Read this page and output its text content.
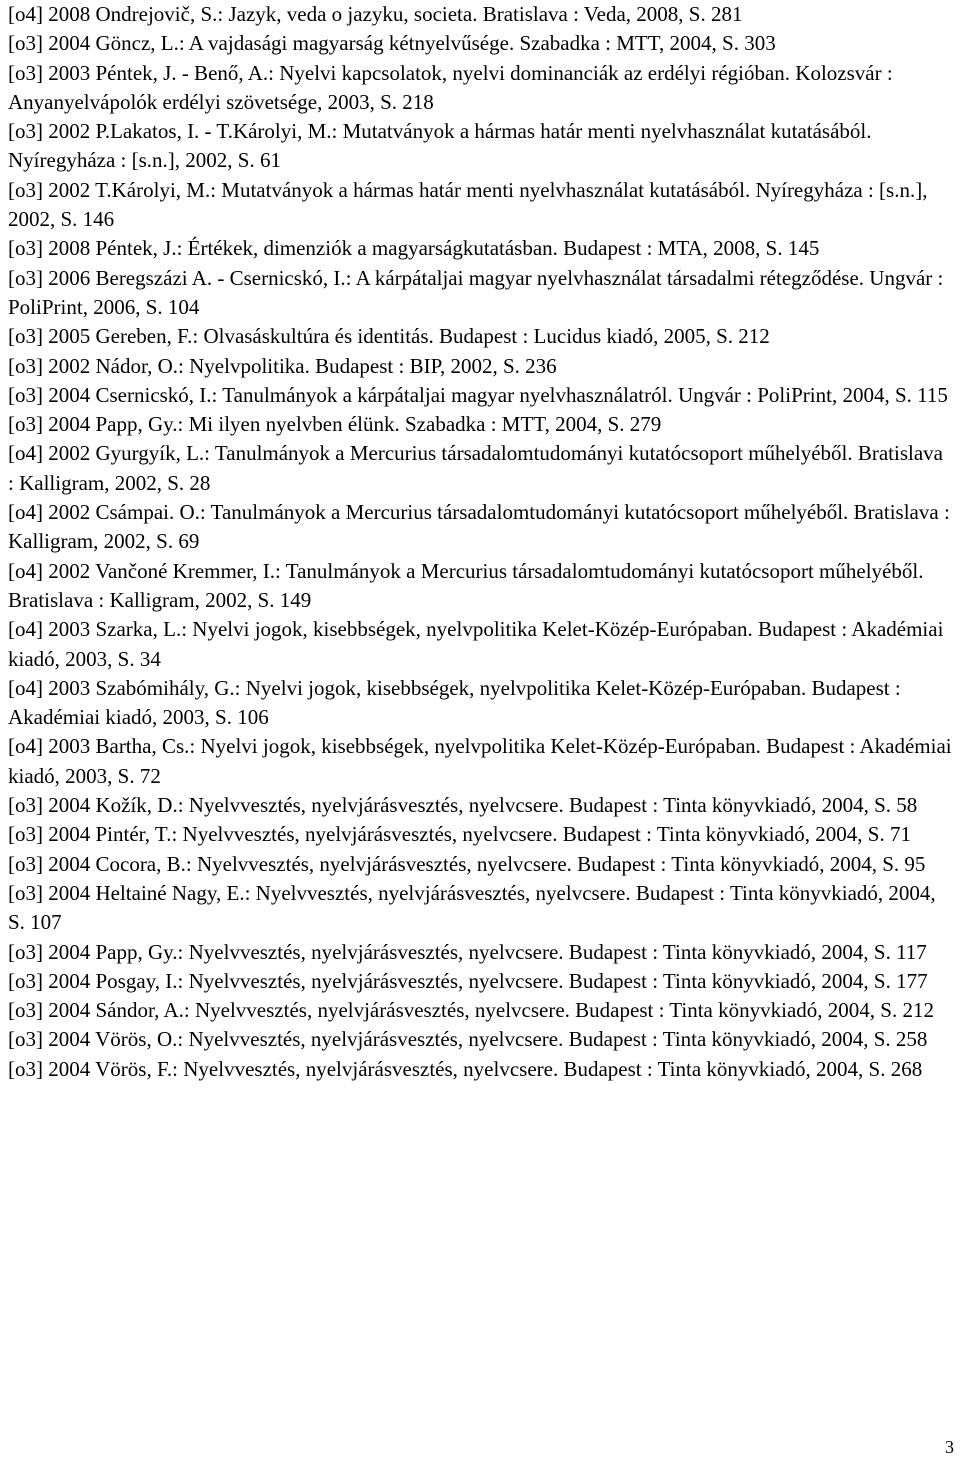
[o4] 2008 Ondrejovič, S.: Jazyk, veda o jazyku, societa. Bratislava : Veda, 2008, S. 281

[o3] 2004 Göncz, L.: A vajdasági magyarság kétnyelvűsége. Szabadka : MTT, 2004, S. 303

[o3] 2003 Péntek, J. - Benő, A.: Nyelvi kapcsolatok, nyelvi dominanciák az erdélyi régióban. Kolozsvár : Anyanyelvápolók erdélyi szövetsége, 2003, S. 218

[o3] 2002 P.Lakatos, I. - T.Károlyi, M.: Mutatványok a hármas határ menti nyelvhasználat kutatásából. Nyíregyháza : [s.n.], 2002, S. 61

[o3] 2002 T.Károlyi, M.: Mutatványok a hármas határ menti nyelvhasználat kutatásából. Nyíregyháza : [s.n.], 2002, S. 146

[o3] 2008 Péntek, J.: Értékek, dimenziók a magyarságkutatásban. Budapest : MTA, 2008, S. 145

[o3] 2006 Beregszázi A. - Csernicskó, I.: A kárpátaljai magyar nyelvhasználat társadalmi rétegződése. Ungvár : PoliPrint, 2006, S. 104

[o3] 2005 Gereben, F.: Olvasáskultúra és identitás. Budapest : Lucidus kiadó, 2005, S. 212

[o3] 2002 Nádor, O.: Nyelvpolitika. Budapest : BIP, 2002, S. 236

[o3] 2004 Csernicskó, I.: Tanulmányok a kárpátaljai magyar nyelvhasználatról. Ungvár : PoliPrint, 2004, S. 115

[o3] 2004 Papp, Gy.: Mi ilyen nyelvben élünk. Szabadka : MTT, 2004, S. 279

[o4] 2002 Gyurgyík, L.: Tanulmányok a Mercurius társadalomtudományi kutatócsoport műhelyéből. Bratislava : Kalligram, 2002, S. 28

[o4] 2002 Csámpai. O.: Tanulmányok a Mercurius társadalomtudományi kutatócsoport műhelyéből. Bratislava : Kalligram, 2002, S. 69

[o4] 2002 Vančoné Kremmer, I.: Tanulmányok a Mercurius társadalomtudományi kutatócsoport műhelyéből. Bratislava : Kalligram, 2002, S. 149

[o4] 2003 Szarka, L.: Nyelvi jogok, kisebbségek, nyelvpolitika Kelet-Közép-Európaban. Budapest : Akadémiai kiadó, 2003, S. 34

[o4] 2003 Szabómihály, G.: Nyelvi jogok, kisebbségek, nyelvpolitika Kelet-Közép-Európaban. Budapest : Akadémiai kiadó, 2003, S. 106

[o4] 2003 Bartha, Cs.: Nyelvi jogok, kisebbségek, nyelvpolitika Kelet-Közép-Európaban. Budapest : Akadémiai kiadó, 2003, S. 72

[o3] 2004 Kožík, D.: Nyelvvesztés, nyelvjárásvesztés, nyelvcsere. Budapest : Tinta könyvkiadó, 2004, S. 58

[o3] 2004 Pintér, T.: Nyelvvesztés, nyelvjárásvesztés, nyelvcsere. Budapest : Tinta könyvkiadó, 2004, S. 71

[o3] 2004 Cocora, B.: Nyelvvesztés, nyelvjárásvesztés, nyelvcsere. Budapest : Tinta könyvkiadó, 2004, S. 95

[o3] 2004 Heltainé Nagy, E.: Nyelvvesztés, nyelvjárásvesztés, nyelvcsere. Budapest : Tinta könyvkiadó, 2004, S. 107

[o3] 2004 Papp, Gy.: Nyelvvesztés, nyelvjárásvesztés, nyelvcsere. Budapest : Tinta könyvkiadó, 2004, S. 117

[o3] 2004 Posgay, I.: Nyelvvesztés, nyelvjárásvesztés, nyelvcsere. Budapest : Tinta könyvkiadó, 2004, S. 177

[o3] 2004 Sándor, A.: Nyelvvesztés, nyelvjárásvesztés, nyelvcsere. Budapest : Tinta könyvkiadó, 2004, S. 212

[o3] 2004 Vörös, O.: Nyelvvesztés, nyelvjárásvesztés, nyelvcsere. Budapest : Tinta könyvkiadó, 2004, S. 258

[o3] 2004 Vörös, F.: Nyelvvesztés, nyelvjárásvesztés, nyelvcsere. Budapest : Tinta könyvkiadó, 2004, S. 268

3
